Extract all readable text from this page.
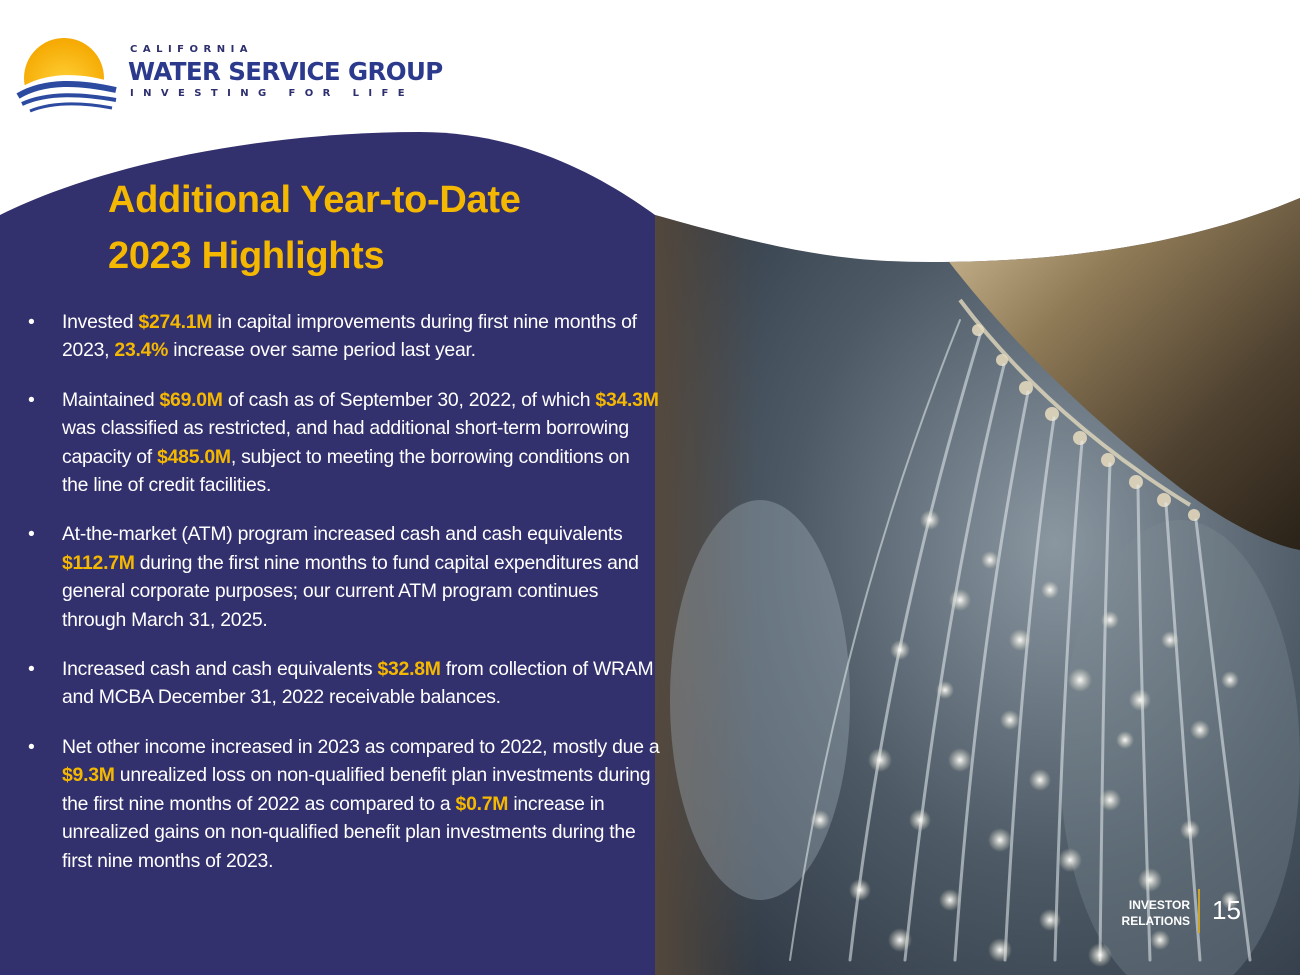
CALIFORNIA
WATER SERVICE GROUP
INVESTING FOR LIFE
Additional Year-to-Date
2023 Highlights
• Invested $274.1M in capital improvements during first nine months of 2023, 23.4% increase over same period last year.
• Maintained $69.0M of cash as of September 30, 2022, of which $34.3M was classified as restricted, and had additional short-term borrowing capacity of $485.0M, subject to meeting the borrowing conditions on the line of credit facilities.
• At-the-market (ATM) program increased cash and cash equivalents $112.7M during the first nine months to fund capital expenditures and general corporate purposes; our current ATM program continues through March 31, 2025.
• Increased cash and cash equivalents $32.8M from collection of WRAM and MCBA December 31, 2022 receivable balances.
• Net other income increased in 2023 as compared to 2022, mostly due a $9.3M unrealized loss on non-qualified benefit plan investments during the first nine months of 2022 as compared to a $0.7M increase in unrealized gains on non-qualified benefit plan investments during the first nine months of 2023.
INVESTOR
RELATIONS 15
